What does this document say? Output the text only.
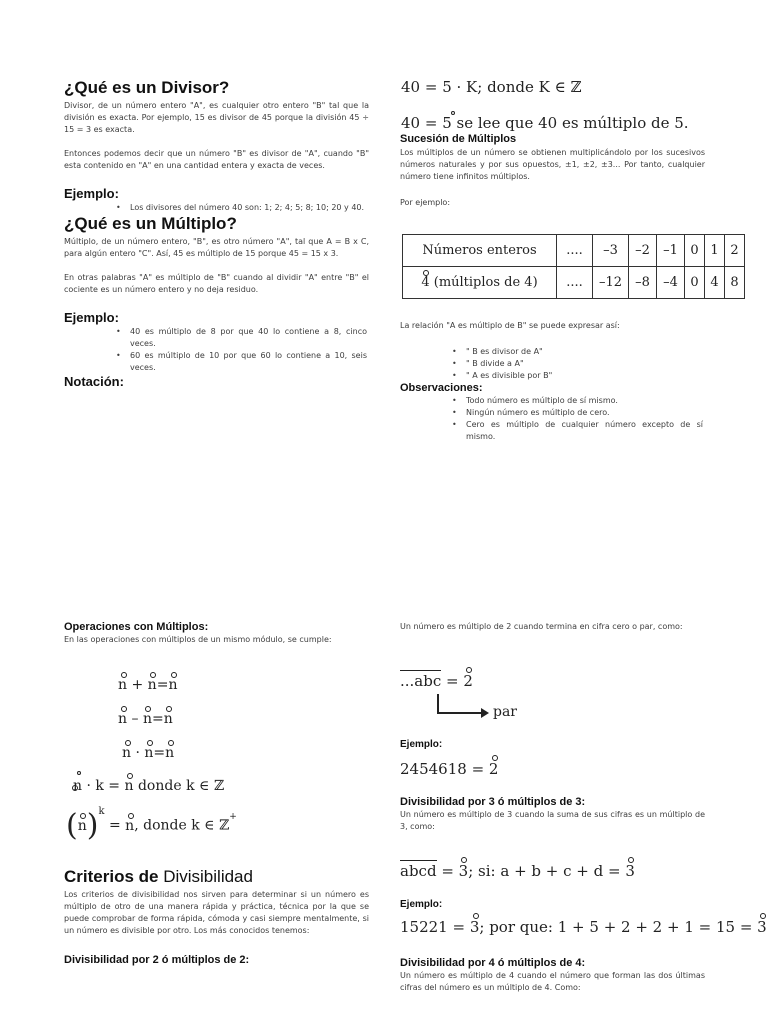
¿Qué es un Divisor?

Divisor, de un número entero "A", es cualquier otro entero "B" tal que la división es exacta. Por ejemplo, 15 es divisor de 45 porque la división 45 ÷ 15 = 3 es exacta.

Entonces podemos decir que un número "B" es divisor de "A", cuando "B" esta contenido en "A" en una cantidad entera y exacta de veces.

Ejemplo:
• Los divisores del número 40 son: 1; 2; 4; 5; 8; 10; 20 y 40.
¿Qué es un Múltiplo?

Múltiplo, de un número entero, "B", es otro número "A", tal que A = B x C, para algún entero "C". Así, 45 es múltiplo de 15 porque 45 = 15 x 3.

En otras palabras "A" es múltiplo de "B" cuando al dividir "A" entre "B" el cociente es un número entero y no deja residuo.

Ejemplo:
• 40 es múltiplo de 8 por que 40 lo contiene a 8, cinco veces.
• 60 es múltiplo de 10 por que 60 lo contiene a 10, seis veces.
Notación:
40 = 5 · K; donde K ∈ ℤ
40 = 5 se lee que 40 es múltiplo de 5.
Sucesión de Múltiplos

Los múltiplos de un número se obtienen multiplicándolo por los sucesivos números naturales y por sus opuestos, ±1, ±2, ±3... Por tanto, cualquier número tiene infinitos múltiplos.

Por ejemplo:

Números enteros	....	–3	–2	–1	0	1	2
4 (múltiplos de 4)	....	–12	–8	–4	0	4	8

La relación "A es múltiplo de B" se puede expresar así:

• " B es divisor de A"
• " B divide a A"
• " A es divisible por B"
Observaciones:
• Todo número es múltiplo de sí mismo.
• Ningún número es múltiplo de cero.
• Cero es múltiplo de cualquier número excepto de sí mismo.
Operaciones con Múltiplos:

En las operaciones con múltiplos de un mismo módulo, se cumple:

n + n=n
n – n=n
n · n=n
n · k = n donde k ∈ ℤ
$(n)^k = n$, donde k ∈ ℤ+
Criterios de Divisibilidad

Los criterios de divisibilidad nos sirven para determinar si un número es múltiplo de otro de una manera rápida y práctica, técnica por la que se puede comprobar de forma rápida, cómoda y casi siempre mentalmente, si un número es divisible por otro. Los más conocidos tenemos:

Divisibilidad por 2 ó múltiplos de 2:

Un número es múltiplo de 2 cuando termina en cifra cero o par, como:

...abc = 2
par
Ejemplo:
2454618 = 2
Divisibilidad por 3 ó múltiplos de 3:

Un número es múltiplo de 3 cuando la suma de sus cifras es un múltiplo de 3, como:

abcd = 3; si: a + b + c + d = 3
Ejemplo:
15221 = 3; por que: 1 + 5 + 2 + 2 + 1 = 15 = 3
Divisibilidad por 4 ó múltiplos de 4:

Un número es múltiplo de 4 cuando el número que forman las dos últimas cifras del número es un múltiplo de 4. Como:
